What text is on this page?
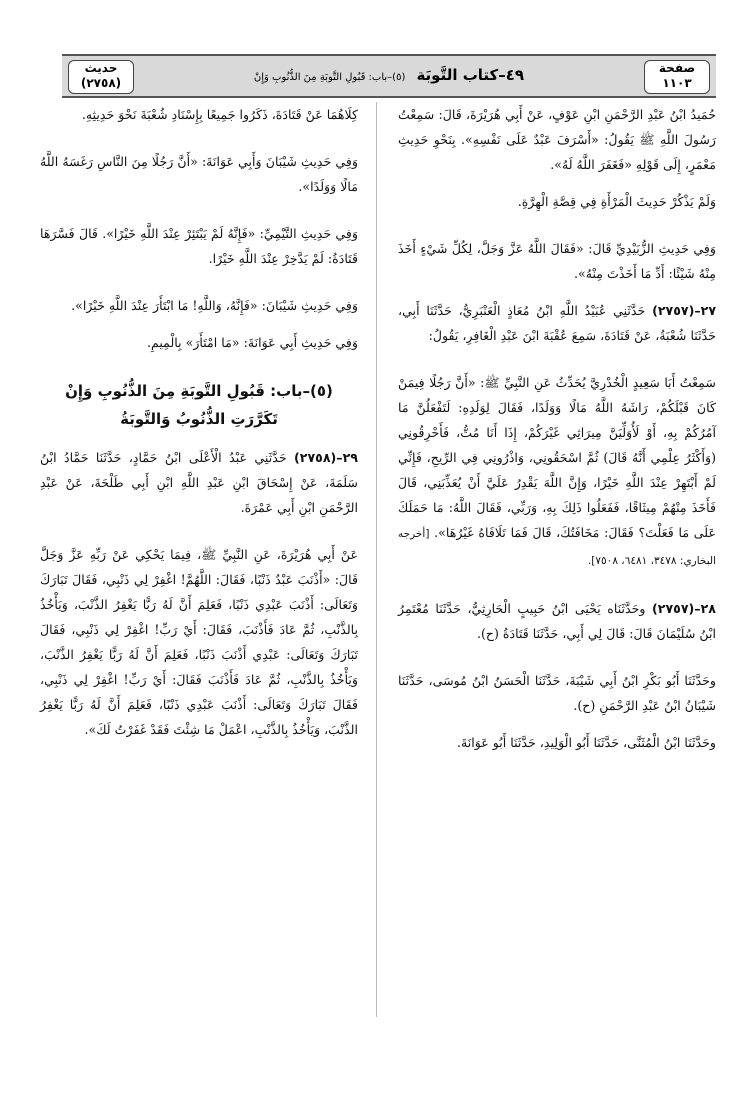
صفحة
١١٠٣
٤٩–كتاب التَّوبَة (٥)–باب: قَبُولِ التَّوبَةِ مِنَ الذُّنُوبِ وَإِنْ
حديث
(٢٧٥٨)

حُمَيدُ ابْنُ عَبْدِ الرَّحْمَنِ ابْنِ عَوْفٍ، عَنْ أَبِي هُرَيْرَةَ، قَالَ: سَمِعْتُ رَسُولَ اللَّهِ ﷺ يَقُولُ: «أَسْرَفَ عَبْدٌ عَلَى نَفْسِهِ». بِنَحْوِ حَدِيثِ مَعْمَرٍ، إِلَى قَوْلِهِ «فَغَفَرَ اللَّهُ لَهُ».

وَلَمْ يَذْكُرْ حَدِيثَ الْمَرْأَةِ فِي قِصَّةِ الْهِرَّةِ.

وَفِي حَدِيثِ الزُّبَيْدِيِّ قَالَ: «فَقَالَ اللَّهُ عَزَّ وَجَلَّ، لِكُلِّ شَيْءٍ أَخَذَ مِنْهُ شَيْئًا: أَدِّ مَا أَخَذْتَ مِنْهُ».

٢٧–(٢٧٥٧) حَدَّثَنِي عُبَيْدُ اللَّهِ ابْنُ مُعَاذٍ الْعَنْبَرِيُّ، حَدَّثَنَا أَبِي، حَدَّثَنَا شُعْبَةُ، عَنْ قَتَادَةَ، سَمِعَ عُقْبَةَ ابْنَ عَبْدِ الْغَافِرِ، يَقُولُ:

سَمِعْتُ أَبَا سَعِيدٍ الْخُدْرِيَّ يُحَدِّثُ عَنِ النَّبِيِّ ﷺ: «أَنَّ رَجُلًا فِيمَنْ كَانَ قَبْلَكُمْ، رَاشَهُ اللَّهُ مَالًا وَوَلَدًا، فَقَالَ لِوَلَدِهِ: لَتَفْعَلُنَّ مَا آمُرُكُمْ بِهِ، أَوْ لَأُوَلِّيَنَّ مِيرَاثِي غَيْرَكُمْ، إِذَا أَنَا مُتُّ، فَأَحْرِقُونِي (وَأَكْثَرُ عِلْمِي أَنَّهُ قَالَ) ثُمَّ اسْحَقُونِي، وَاذْرُونِي فِي الرِّيحِ، فَإِنِّي لَمْ أَبْتَهِرْ عِنْدَ اللَّهِ خَيْرًا، وَإِنَّ اللَّهَ يَقْدِرُ عَلَيَّ أَنْ يُعَذِّبَنِي، قَالَ فَأَخَذَ مِنْهُمْ مِيثَاقًا، فَفَعَلُوا ذَلِكَ بِهِ، وَرَبِّي، فَقَالَ اللَّهُ: مَا حَمَلَكَ عَلَى مَا فَعَلْتَ؟ فَقَالَ: مَخَافَتُكَ، قَالَ فَمَا تَلَافَاهُ غَيْرُهَا». [أخرجه البخاري: ٣٤٧٨، ٦٤٨١، ٧٥٠٨].

٢٨–(٢٧٥٧) وحَدَّثَنَاه يَحْيَى ابْنُ حَبِيبٍ الْحَارِثِيُّ، حَدَّثَنَا مُعْتَمِرُ ابْنُ سُلَيْمَانَ قَالَ: قَالَ لِي أَبِي، حَدَّثَنَا قَتَادَةُ (ح).

وحَدَّثَنَا أَبُو بَكْرِ ابْنُ أَبِي شَيْبَةَ، حَدَّثَنَا الْحَسَنُ ابْنُ مُوسَى، حَدَّثَنَا شَيْبَانُ ابْنُ عَبْدِ الرَّحْمَنِ (ح).

وحَدَّثَنَا ابْنُ الْمُثَنَّى، حَدَّثَنَا أَبُو الْوَلِيدِ، حَدَّثَنَا أَبُو عَوَانَةَ.

كِلَاهُمَا عَنْ قَتَادَةَ، ذَكَرُوا جَمِيعًا بِإِسْنَادِ شُعْبَةَ نَحْوَ حَدِيثِهِ.

وَفِي حَدِيثِ شَيْبَانَ وَأَبِي عَوَانَةَ: «أَنَّ رَجُلًا مِنَ النَّاسِ رَغَسَهُ اللَّهُ مَالًا وَوَلَدًا».

وَفِي حَدِيثِ التَّيْمِيِّ: «فَإِنَّهُ لَمْ يَبْتَئِرْ عِنْدَ اللَّهِ خَيْرًا». قَالَ فَسَّرَهَا قَتَادَةُ: لَمْ يَدَّخِرْ عِنْدَ اللَّهِ خَيْرًا.

وَفِي حَدِيثِ شَيْبَانَ: «فَإِنَّهُ، وَاللَّهِ! مَا ابْتَأَرَ عِنْدَ اللَّهِ خَيْرًا».

وَفِي حَدِيثِ أَبِي عَوَانَةَ: «مَا امْتَأَرَ» بِالْمِيمِ.

(٥)–باب: قَبُولِ التَّوبَةِ مِنَ الذُّنُوبِ وَإِنْ تَكَرَّرَتِ الذُّنُوبُ وَالتَّوبَةُ

٢٩–(٢٧٥٨) حَدَّثَنِي عَبْدُ الْأَعْلَى ابْنُ حَمَّادٍ، حَدَّثَنَا حَمَّادُ ابْنُ سَلَمَةَ، عَنْ إِسْحَاقَ ابْنِ عَبْدِ اللَّهِ ابْنِ أَبِي طَلْحَةَ، عَنْ عَبْدِ الرَّحْمَنِ ابْنِ أَبِي عَمْرَةَ.

عَنْ أَبِي هُرَيْرَةَ، عَنِ النَّبِيِّ ﷺ، فِيمَا يَحْكِي عَنْ رَبِّهِ عَزَّ وَجَلَّ قَالَ: «أَذْنَبَ عَبْدٌ ذَنْبًا، فَقَالَ: اللَّهُمَّ! اغْفِرْ لِي ذَنْبِي، فَقَالَ تَبَارَكَ وَتَعَالَى: أَذْنَبَ عَبْدِي ذَنْبًا، فَعَلِمَ أَنَّ لَهُ رَبًّا يَغْفِرُ الذَّنْبَ، وَيَأْخُذُ بِالذَّنْبِ، ثُمَّ عَادَ فَأَذْنَبَ، فَقَالَ: أَيْ رَبِّ! اغْفِرْ لِي ذَنْبِي، فَقَالَ تَبَارَكَ وَتَعَالَى: عَبْدِي أَذْنَبَ ذَنْبًا، فَعَلِمَ أَنَّ لَهُ رَبًّا يَغْفِرُ الذَّنْبَ، وَيَأْخُذُ بِالذَّنْبِ، ثُمَّ عَادَ فَأَذْنَبَ فَقَالَ: أَيْ رَبِّ! اغْفِرْ لِي ذَنْبِي، فَقَالَ تَبَارَكَ وَتَعَالَى: أَذْنَبَ عَبْدِي ذَنْبًا، فَعَلِمَ أَنَّ لَهُ رَبًّا يَغْفِرُ الذَّنْبَ، وَيَأْخُذُ بِالذَّنْبِ، اعْمَلْ مَا شِئْتَ فَقَدْ غَفَرْتُ لَكَ».
